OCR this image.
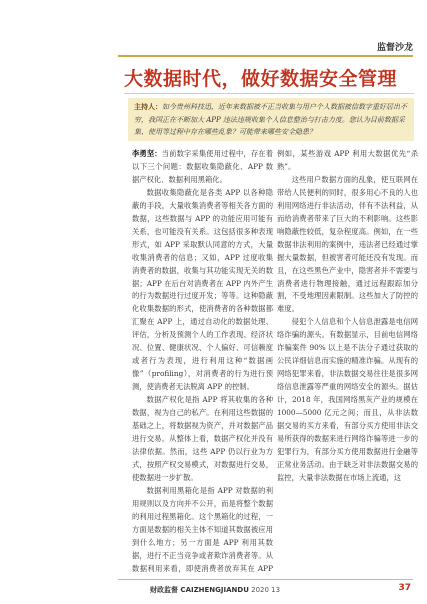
监督沙龙
大数据时代，做好数据安全管理
主持人：如今贵州科技迅，近年来数据被不正当收集与用户个人数据被信数字重好居出不穷，我国正在不断加大 APP 违法违规收集个人信息整治与打击力度。您认为目前数据采集、使用等过程中存在哪些乱象？可能带来哪些安全隐患？

李勇坚：当前数字采集使用过程中，存在着以下三个问题：数据收集隐蔽化、APP 数据产权化、数据利用黑箱化。

数据收集隐蔽化是各类 APP 以各种隐蔽的手段，大量收集消费者等相关各方面的数据，这些数据与 APP 的功能应用可能有关系，也可能没有关系。这包括很多种表现形式，如 APP 采取默认同意的方式，大量收集消费者的信息；又如，APP 过度收集消费者的数据，收集与其功能实现无关的数据；APP 在后台对消费者在 APP 内外产生的行为数据进行过度开发；等等。这种隐蔽化收集数据的形式，使消费者的各种数据都汇聚在 APP 上，通过自动化的数据处理、评估，分析及预测个人的工作表现、经济状况、位置、健康状况、个人偏好、可信赖度或者行为表现，进行利用这种“数据画像”（profiling），对消费者的行为进行预测，使消费者无法脱离 APP 的控制。

数据产权化是指 APP 将其收集的各种数据，视为自己的私产。在利用这些数据的基础之上，将数据视为资产，并对数据产品进行交易。从整体上看，数据产权化并没有法律依据。然而，这些 APP 仍以行业为方式，按照产权交易模式，对数据进行交易，使数据进一步扩散。

数据利用黑箱化是指 APP 对数据的利用规则以及方向并不公开，而是将整个数据的利用过程黑箱化。这个黑箱化的过程，一方面是数据的相关主体不知道其数据被应用到什么地方；另一方面是 APP 利用其数据，进行不正当竞争或者欺诈消费者等。从数据利用来看，即使消费者放弃其在 APP

例如，某些游戏 APP 利用大数据优先“杀熟”。

这些用户数据方面的乱象，使互联网在带给人民便利的同时，很多用心不良的人也利用网络进行非法活动，伴有不法利益，从而给消费者带来了巨大的不利影响。这些影响隐蔽性较低，复杂程度高。例如，在一些数据非法利用的案例中，违法者已经通过掌握大量数据，但被害者可能还没有发现。而且，在这些黑色产业中，隐害者并不需要与消费者进行物理接触，通过远程跟踪加分割，不受地理因素限制。这些加大了防控的难度。

侵犯个人信息和个人信息泄露是电信网络诈骗的源头。有数据显示，目前电信网络诈骗案件 90% 以上是不法分子通过获取的公民详细信息而实施的精准诈骗。从现有的网络犯罪来看，非法数据交易往往是很多网络信息泄露等严重的网络安全的源头。据估计，2018 年，我国网络黑灰产业的规模在 1000—5000 亿元之间；而且，从非法数据交易的买方来看，有部分买方使用非法交易所获得的数据来进行网络诈骗等进一步的犯罪行为，有部分买方使用数据进行金融等正常业务活动。由于缺乏对非法数据交易的监控，大量非法数据在市场上流通，这

财政监督 CAIZHENGJIANDU 2020 13	37
